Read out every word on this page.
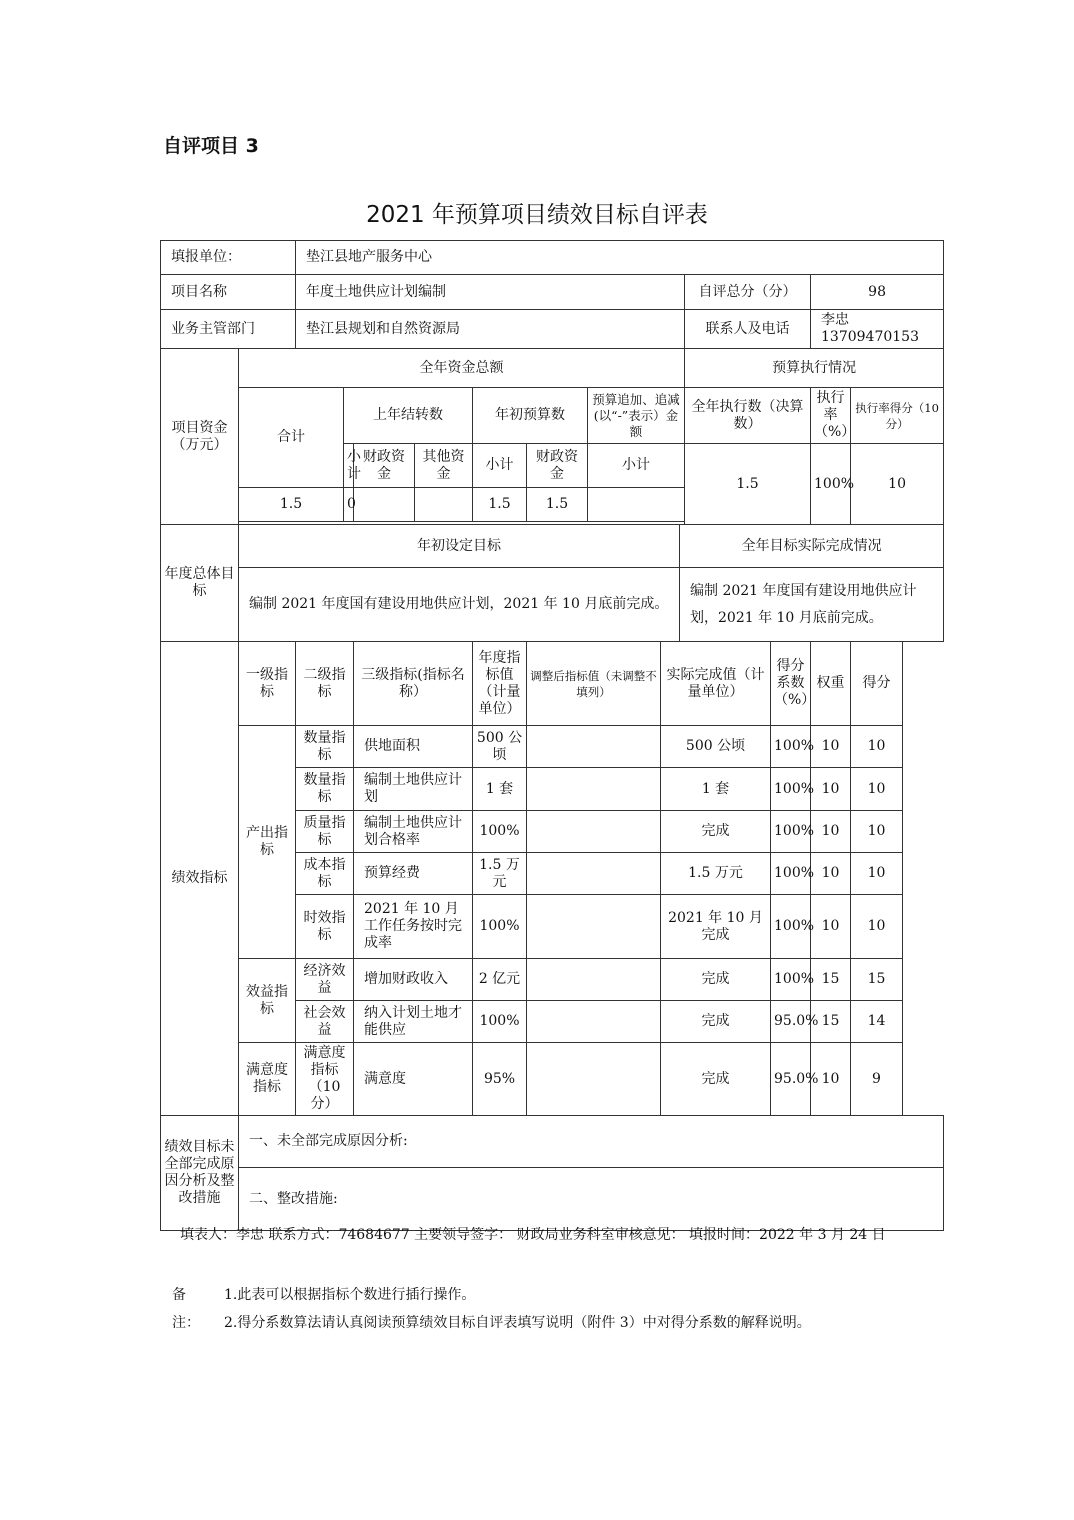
自评项目 3
2021 年预算项目绩效目标自评表
填报单位：		垫江县地产服务中心												
项目名称		年度土地供应计划编制									自评总分（分）		98	
业务主管部门		垫江县规划和自然资源局									联系人及电话		李忠 13709470153	
项目资金（万元）	全年资金总额										预算执行情况			
	合计		上年结转数			年初预算数		预算追加、追减(以“-”表示）金额			全年执行数（决算数）		执行率（%）	执行率得分（10 分）
			小计	财政资金	其他资金	小计	财政资金	小计			1.5		100%	10
	1.5		0			1.5	1.5							

年度总体目标	年初设定目标									全年目标实际完成情况				
	编制 2021 年度国有建设用地供应计划，2021 年 10 月底前完成。									编制 2021 年度国有建设用地供应计划，2021 年 10 月底前完成。				
绩效指标	一级指标	二级指标		三级指标(指标名称）		年度指标值（计量单位）	调整后指标值（未调整不填列）		实际完成值（计量单位）			得分系数（%）	权重	得分
	产出指标	数量指标		供地面积		500 公顷			500 公顷			100%	10	10
		数量指标		编制土地供应计划		1 套			1 套			100%	10	10
		质量指标		编制土地供应计划合格率		100%			完成			100%	10	10
		成本指标		预算经费		1.5 万元			1.5 万元			100%	10	10
		时效指标		2021 年 10 月工作任务按时完成率		100%			2021 年 10 月完成			100%	10	10
	效益指标	经济效益		增加财政收入		2 亿元			完成			100%	15	15
		社会效益		纳入计划土地才能供应		100%			完成			95.0%	15	14
	满意度指标	满意度指标（10 分）		满意度		95%			完成			95.0%	10	9

绩效目标未全部完成原因分析及整改措施	一、未全部完成原因分析:													
	二、整改措施:													
填表人：李忠 联系方式：74684677 主要领导签字： 财政局业务科室审核意见： 填报时间：2022 年 3 月 24 日
备	1.此表可以根据指标个数进行插行操作。
注： 2.得分系数算法请认真阅读预算绩效目标自评表填写说明（附件 3）中对得分系数的解释说明。
